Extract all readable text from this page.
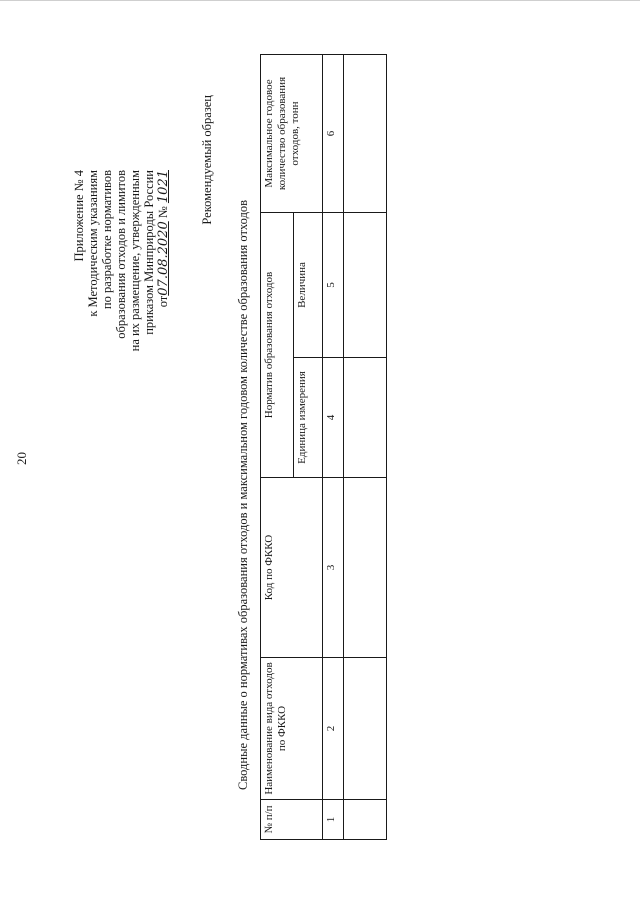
20
Приложение № 4 к Методическим указаниям по разработке нормативов образования отходов и лимитов на их размещение, утвержденным приказом Минприроды России от07.08.2020 № 1021 Рекомендуемый образец
Сводные данные о нормативах образования отходов и максимальном годовом количестве образования отходов
№ п/п	Наименование вида отходов по ФККО	Код по ФККО	Норматив образования отходов		Максимальное годовое количество образования отходов, тонн
			Единица измерения	Величина	
1	2	3	4	5	6
